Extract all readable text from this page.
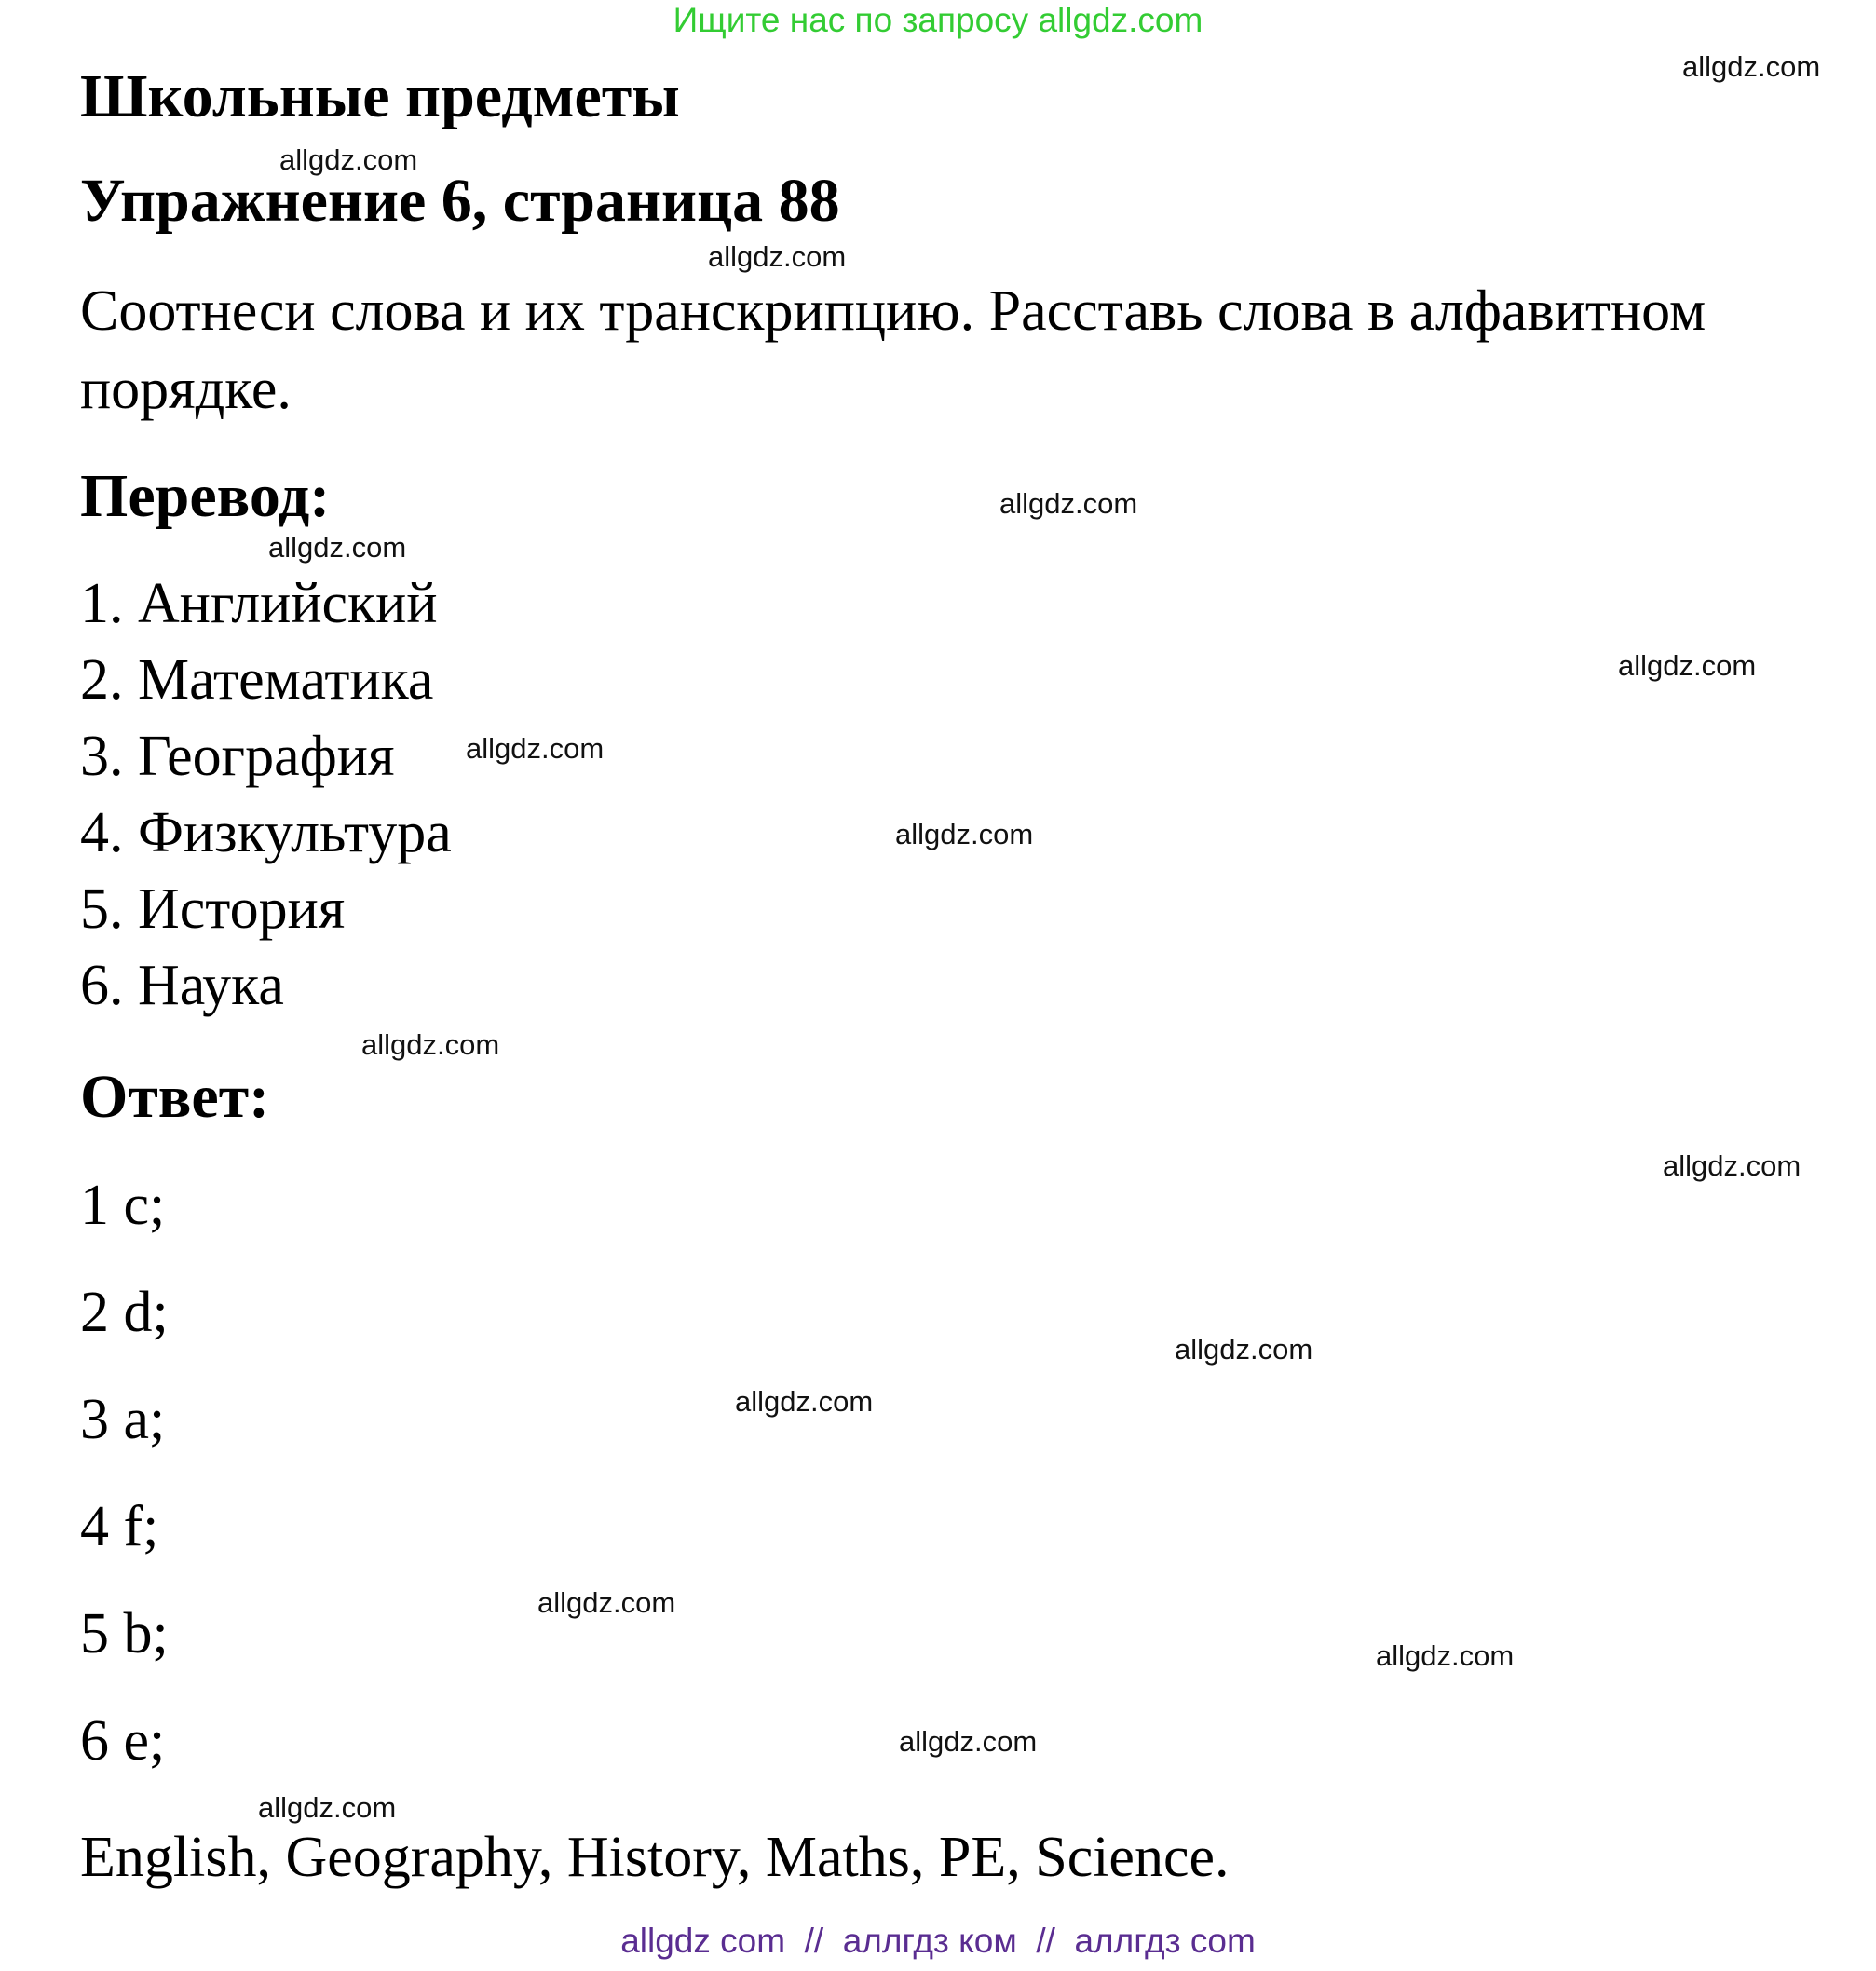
Ищите нас по запросу allgdz.com
Школьные предметы
Упражнение 6, страница 88
Соотнеси слова и их транскрипцию. Расставь слова в алфавитном
порядке.
Перевод:
1. Английский
2. Математика
3. География
4. Физкультура
5. История
6. Наука
Ответ:
1 c;
2 d;
3 a;
4 f;
5 b;
6 e;
English, Geography, History, Maths, PE, Science.
allgdz.com
allgdz.com
allgdz.com
allgdz.com
allgdz.com
allgdz.com
allgdz.com
allgdz.com
allgdz.com
allgdz.com
allgdz.com
allgdz.com
allgdz.com
allgdz.com
allgdz.com
allgdz.com
allgdz com  //  аллгдз ком  //  аллгдз com
